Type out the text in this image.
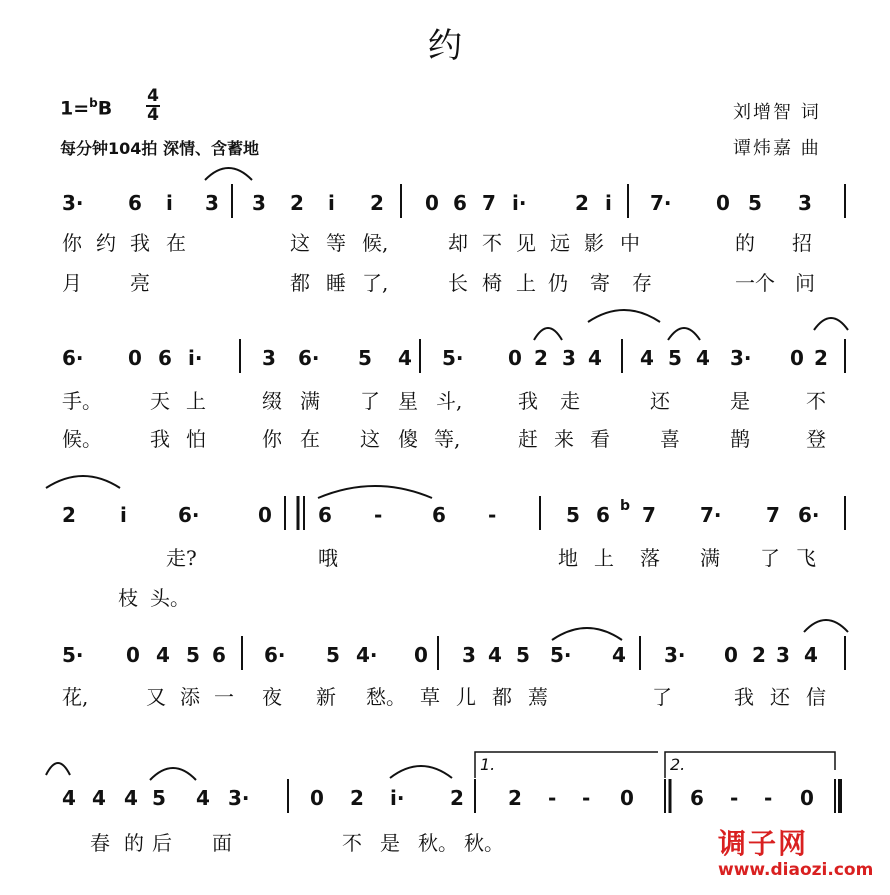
约
1=$^b$B
4
4
每分钟104拍 深情、含蓄地
刘增智 词
谭炜嘉 曲
3· 6 i 3 3 2 i 2 0 6 7 i· 2 i 7· 0 5 3
6· 0 6 i·	3 6· 5 4 5· 0 2 3 4 4 5 4 3· 0 2
2 i	6·	0 6 - 6 -	5 6 7 7· 7 6·
b
5· 0 4 5 6 6· 5 4· 0 3 4 5 5· 4 3· 0 2 3 4
4 4 4 5 4 3·	0 2 i· 2 2 - - 0	6 - - 0
你 约 我 在	这 等 候,	却 不 见 远 影 中	的 招
月 亮	都 睡 了,	长 椅 上 仍 寄 存	一个 问
手。 天 上	缀 满 了 星 斗,	我 走	还	是	不
候。 我 怕	你 在 这 傻 等,	赶 来 看	喜	鹊	登
走?	哦	地 上 落 满 了 飞
枝 头。
花,	又 添 一 夜 新 愁。 草 儿 都 蔫	了	我 还 信
春 的 后 面	不 是 秋。 秋。
1.	2.
调子网
www.diaozi.com
